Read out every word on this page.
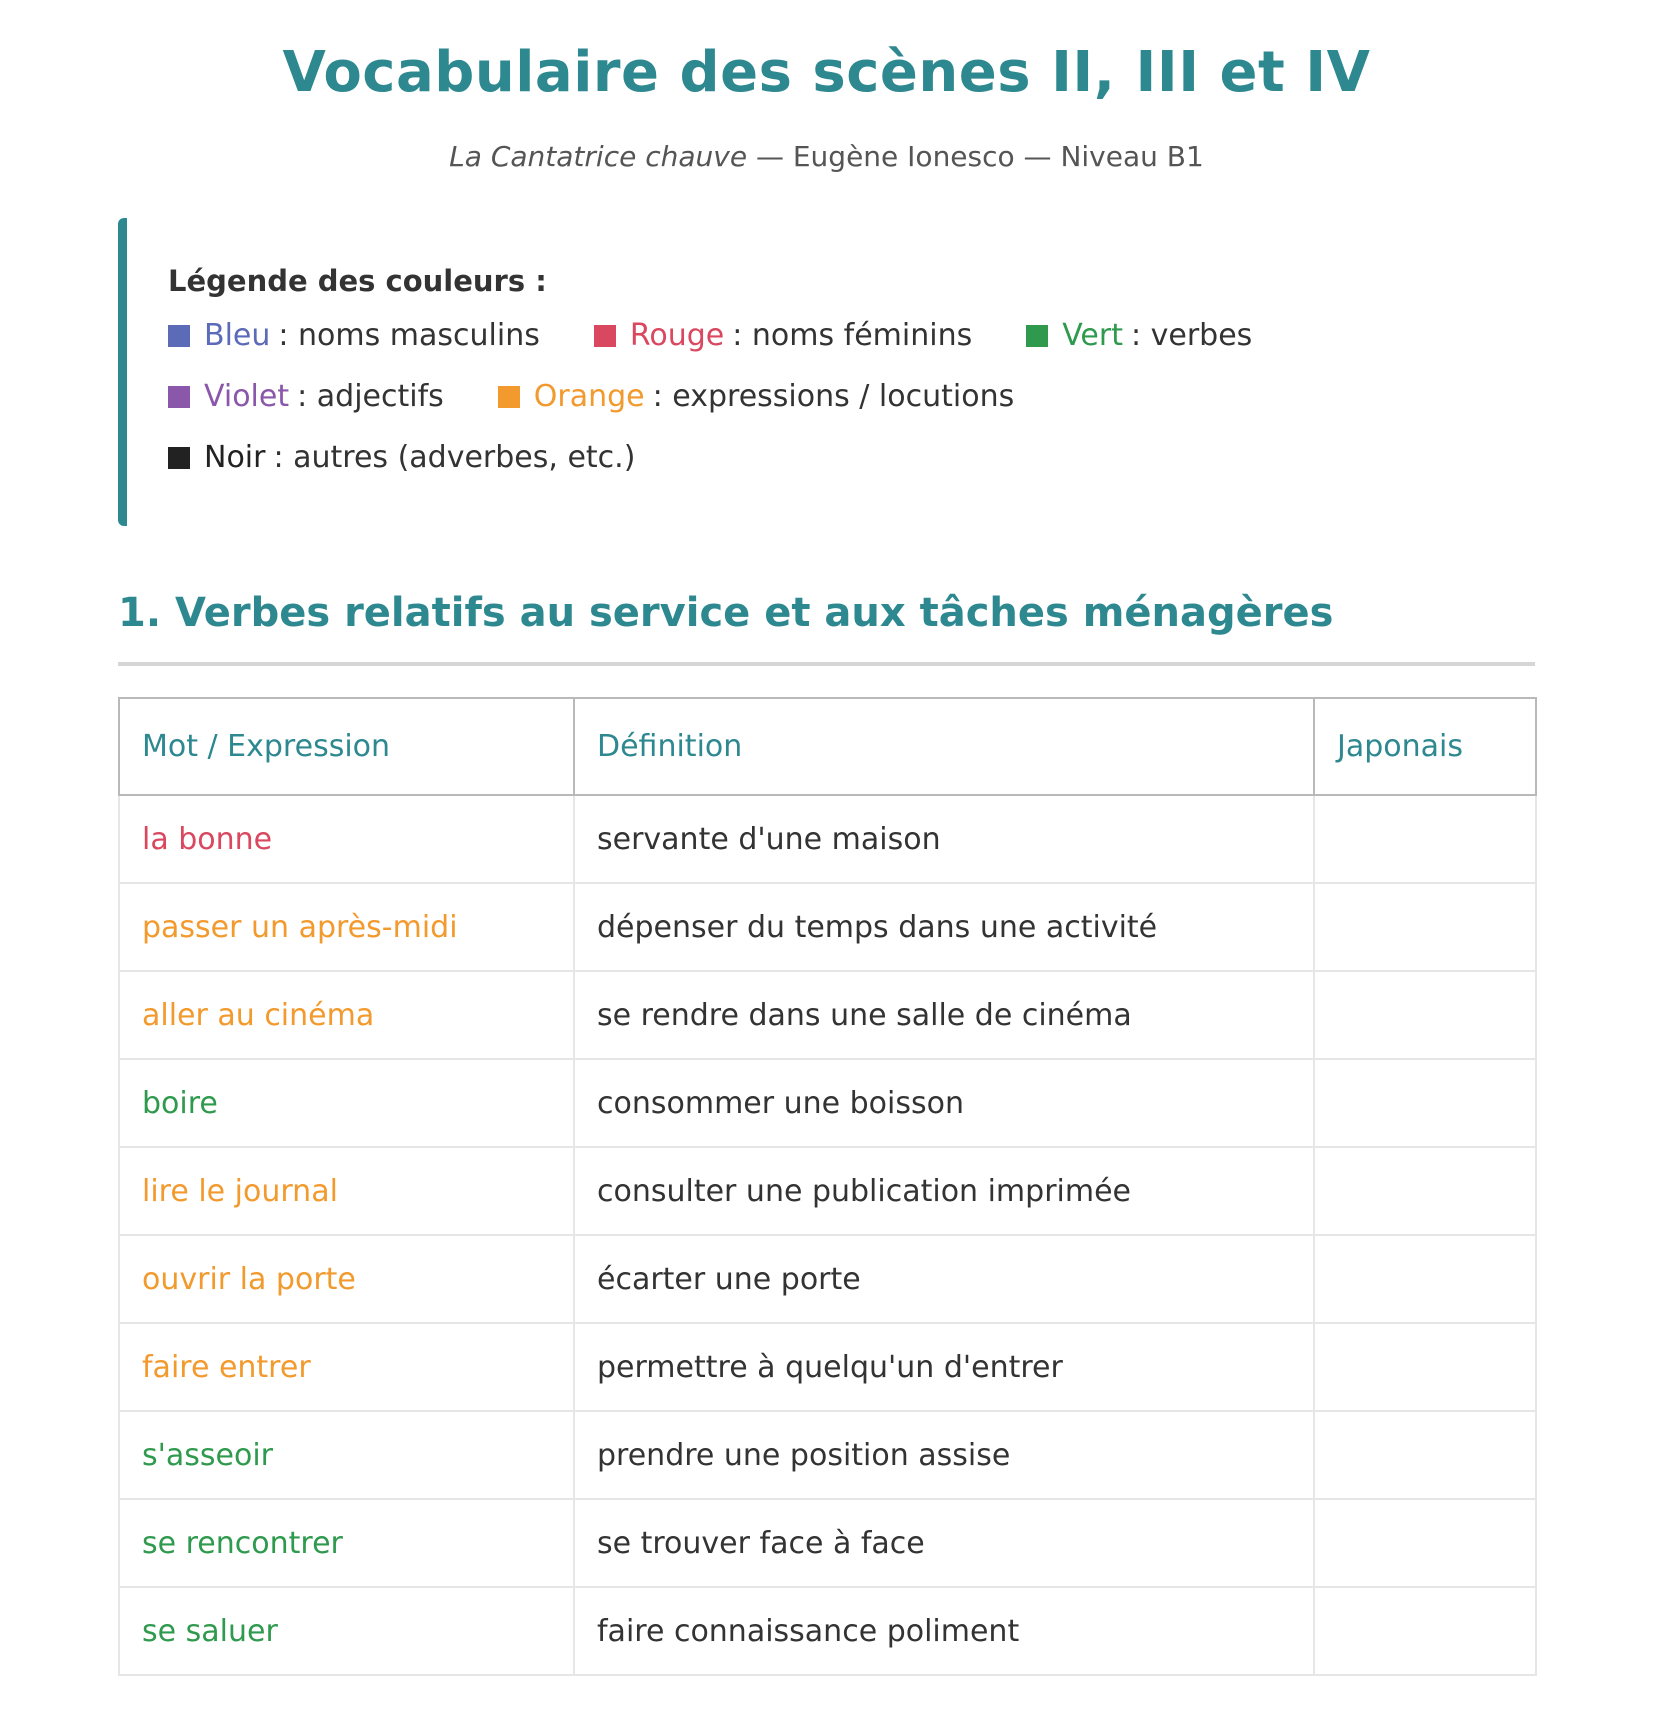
Vocabulaire des scènes II, III et IV
La Cantatrice chauve — Eugène Ionesco — Niveau B1
Légende des couleurs :
Bleu :
noms masculins	Rouge :
noms féminins	Vert :
verbes
Violet :
adjectifs	Orange :
expressions / locutions
Noir :
autres (adverbes, etc.)
1. Verbes relatifs au service et aux tâches ménagères
Mot / Expression	Définition	Japonais
la bonne	servante d'une maison	
passer un après-midi	dépenser du temps dans une activité	
aller au cinéma	se rendre dans une salle de cinéma	
boire	consommer une boisson	
lire le journal	consulter une publication imprimée	
ouvrir la porte	écarter une porte	
faire entrer	permettre à quelqu'un d'entrer	
s'asseoir	prendre une position assise	
se rencontrer	se trouver face à face	
se saluer	faire connaissance poliment	
